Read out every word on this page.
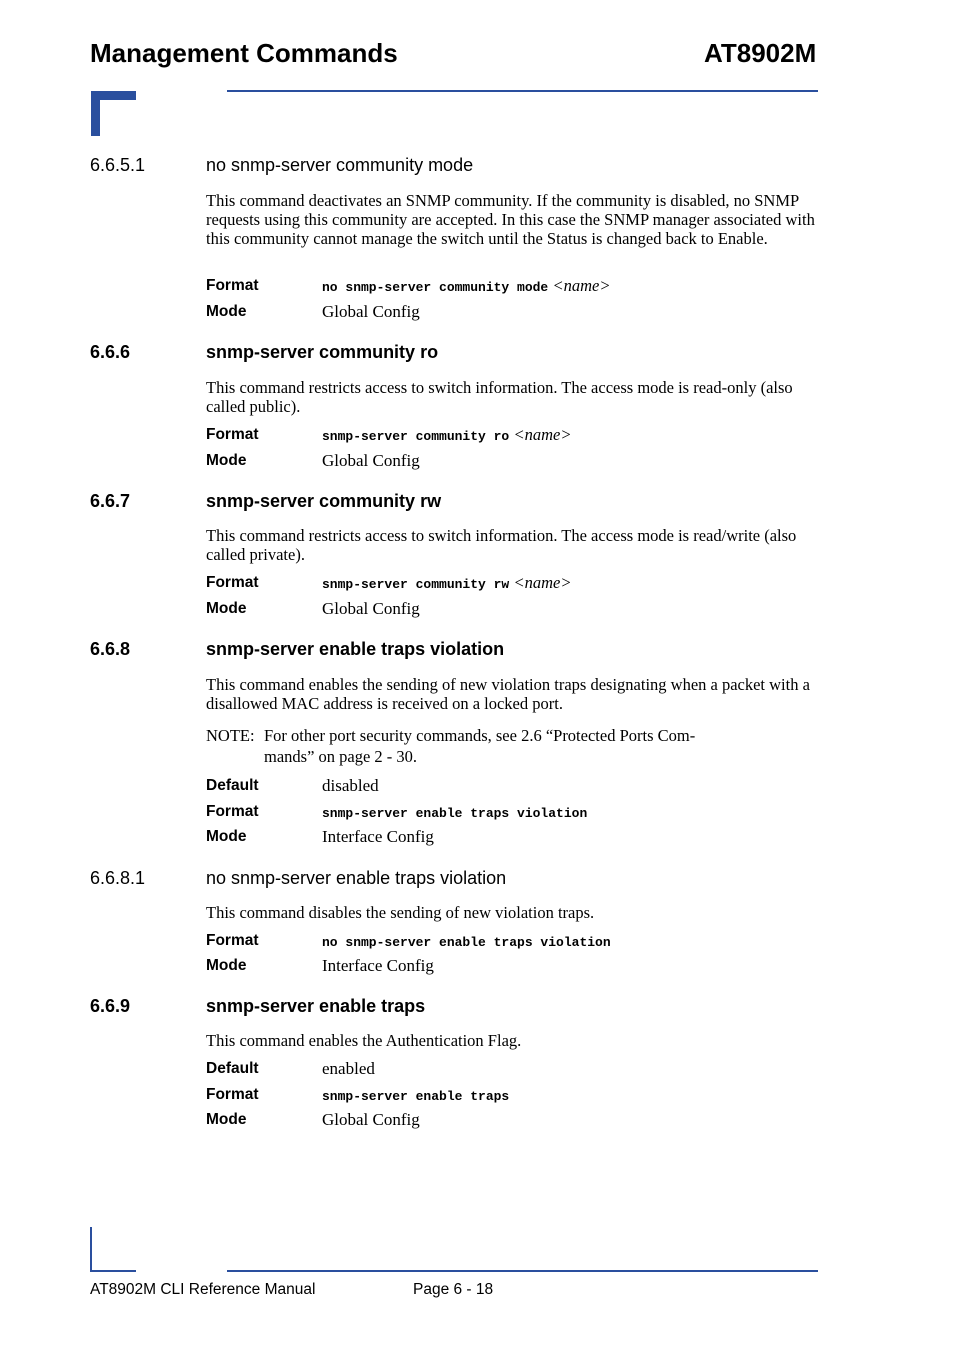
Management Commands	AT8902M
6.6.5.1	no snmp-server community mode
This command deactivates an SNMP community. If the community is disabled, no SNMP requests using this community are accepted. In this case the SNMP manager associated with this community cannot manage the switch until the Status is changed back to Enable.
Format	no snmp-server community mode <name>
Mode	Global Config
6.6.6	snmp-server community ro
This command restricts access to switch information. The access mode is read-only (also called public).
Format	snmp-server community ro <name>
Mode	Global Config
6.6.7	snmp-server community rw
This command restricts access to switch information. The access mode is read/write (also called private).
Format	snmp-server community rw <name>
Mode	Global Config
6.6.8	snmp-server enable traps violation
This command enables the sending of new violation traps designating when a packet with a disallowed MAC address is received on a locked port.
NOTE: For other port security commands, see 2.6 “Protected Ports Com-
mands” on page 2 - 30.
Default	disabled
Format	snmp-server enable traps violation
Mode	Interface Config
6.6.8.1	no snmp-server enable traps violation
This command disables the sending of new violation traps.
Format	no snmp-server enable traps violation
Mode	Interface Config
6.6.9	snmp-server enable traps
This command enables the Authentication Flag.
Default	enabled
Format	snmp-server enable traps
Mode	Global Config
AT8902M CLI Reference Manual	Page 6 - 18
